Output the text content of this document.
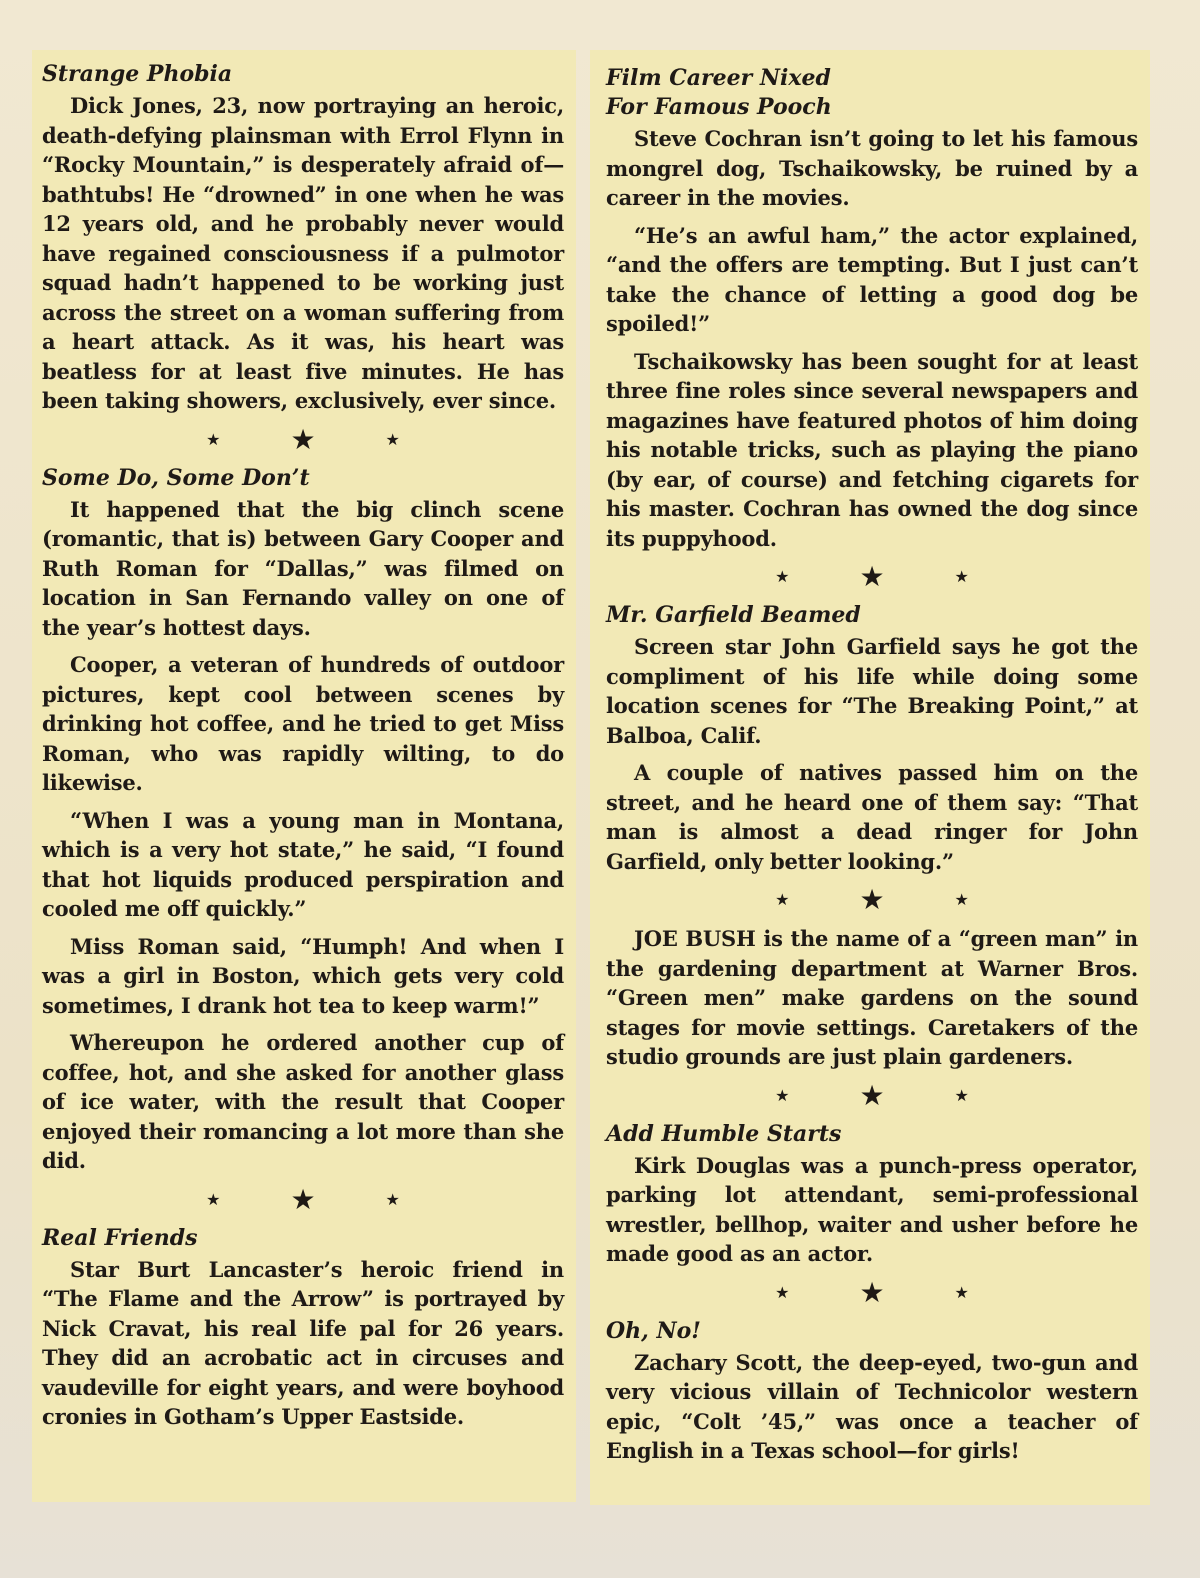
Strange Phobia

Dick Jones, 23, now portraying an heroic, death-defying plainsman with Errol Flynn in “Rocky Mountain,” is desperately afraid of—bathtubs! He “drowned” in one when he was 12 years old, and he probably never would have regained consciousness if a pulmotor squad hadn’t happened to be working just across the street on a woman suffering from a heart attack. As it was, his heart was beatless for at least five minutes. He has been taking showers, exclusively, ever since.

★	★	★

Some Do, Some Don’t

It happened that the big clinch scene (romantic, that is) between Gary Cooper and Ruth Roman for “Dallas,” was filmed on location in San Fernando valley on one of the year’s hottest days.

Cooper, a veteran of hundreds of outdoor pictures, kept cool between scenes by drinking hot coffee, and he tried to get Miss Roman, who was rapidly wilting, to do likewise.

“When I was a young man in Montana, which is a very hot state,” he said, “I found that hot liquids produced perspiration and cooled me off quickly.”

Miss Roman said, “Humph! And when I was a girl in Boston, which gets very cold sometimes, I drank hot tea to keep warm!”

Whereupon he ordered another cup of coffee, hot, and she asked for another glass of ice water, with the result that Cooper enjoyed their romancing a lot more than she did.

★	★	★

Real Friends

Star Burt Lancaster’s heroic friend in “The Flame and the Arrow” is portrayed by Nick Cravat, his real life pal for 26 years. They did an acrobatic act in circuses and vaudeville for eight years, and were boyhood cronies in Gotham’s Upper Eastside.

Film Career Nixed

For Famous Pooch

Steve Cochran isn’t going to let his famous mongrel dog, Tschaikowsky, be ruined by a career in the movies.

“He’s an awful ham,” the actor explained, “and the offers are tempting. But I just can’t take the chance of letting a good dog be spoiled!”

Tschaikowsky has been sought for at least three fine roles since several newspapers and magazines have featured photos of him doing his notable tricks, such as playing the piano (by ear, of course) and fetching cigarets for his master. Cochran has owned the dog since its puppyhood.

★	★	★

Mr. Garfield Beamed

Screen star John Garfield says he got the compliment of his life while doing some location scenes for “The Breaking Point,” at Balboa, Calif.

A couple of natives passed him on the street, and he heard one of them say: “That man is almost a dead ringer for John Garfield, only better looking.”

★	★	★

JOE BUSH is the name of a “green man” in the gardening department at Warner Bros. “Green men” make gardens on the sound stages for movie settings. Caretakers of the studio grounds are just plain gardeners.

★	★	★

Add Humble Starts

Kirk Douglas was a punch-press operator, parking lot attendant, semi-professional wrestler, bellhop, waiter and usher before he made good as an actor.

★	★	★

Oh, No!

Zachary Scott, the deep-eyed, two-gun and very vicious villain of Technicolor western epic, “Colt ’45,” was once a teacher of English in a Texas school—for girls!
